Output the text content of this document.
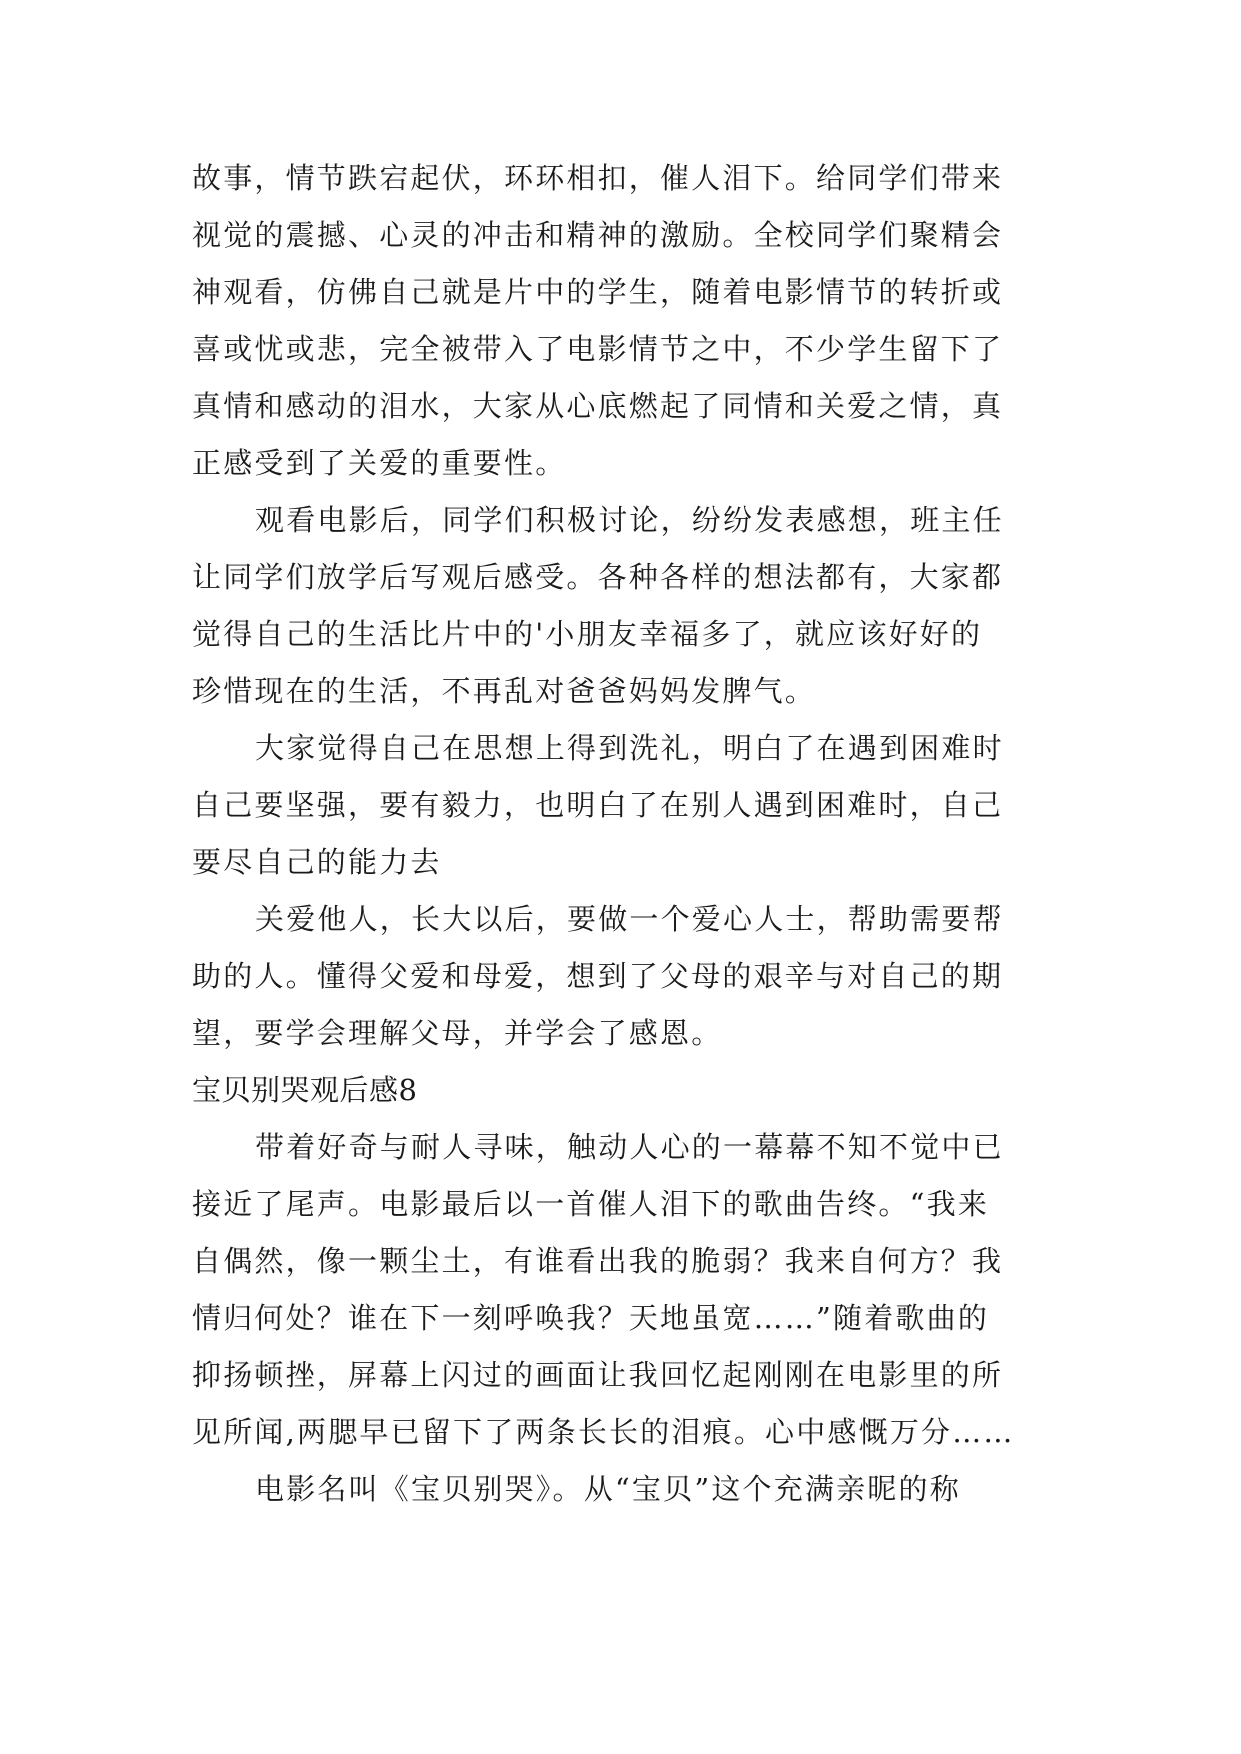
故事，情节跌宕起伏，环环相扣，催人泪下。给同学们带来
视觉的震撼、心灵的冲击和精神的激励。全校同学们聚精会
神观看，仿佛自己就是片中的学生，随着电影情节的转折或
喜或忧或悲，完全被带入了电影情节之中，不少学生留下了
真情和感动的泪水，大家从心底燃起了同情和关爱之情，真
正感受到了关爱的重要性。
观看电影后，同学们积极讨论，纷纷发表感想，班主任
让同学们放学后写观后感受。各种各样的想法都有，大家都
觉得自己的生活比片中的'小朋友幸福多了，就应该好好的
珍惜现在的生活，不再乱对爸爸妈妈发脾气。
大家觉得自己在思想上得到洗礼，明白了在遇到困难时
自己要坚强，要有毅力，也明白了在别人遇到困难时，自己
要尽自己的能力去
关爱他人，长大以后，要做一个爱心人士，帮助需要帮
助的人。懂得父爱和母爱，想到了父母的艰辛与对自己的期
望，要学会理解父母，并学会了感恩。
宝贝别哭观后感8
带着好奇与耐人寻味，触动人心的一幕幕不知不觉中已
接近了尾声。电影最后以一首催人泪下的歌曲告终。“我来
自偶然，像一颗尘土，有谁看出我的脆弱？我来自何方？我
情归何处？谁在下一刻呼唤我？天地虽宽……”随着歌曲的
抑扬顿挫，屏幕上闪过的画面让我回忆起刚刚在电影里的所
见所闻,两腮早已留下了两条长长的泪痕。心中感慨万分……
电影名叫《宝贝别哭》。从“宝贝”这个充满亲昵的称
